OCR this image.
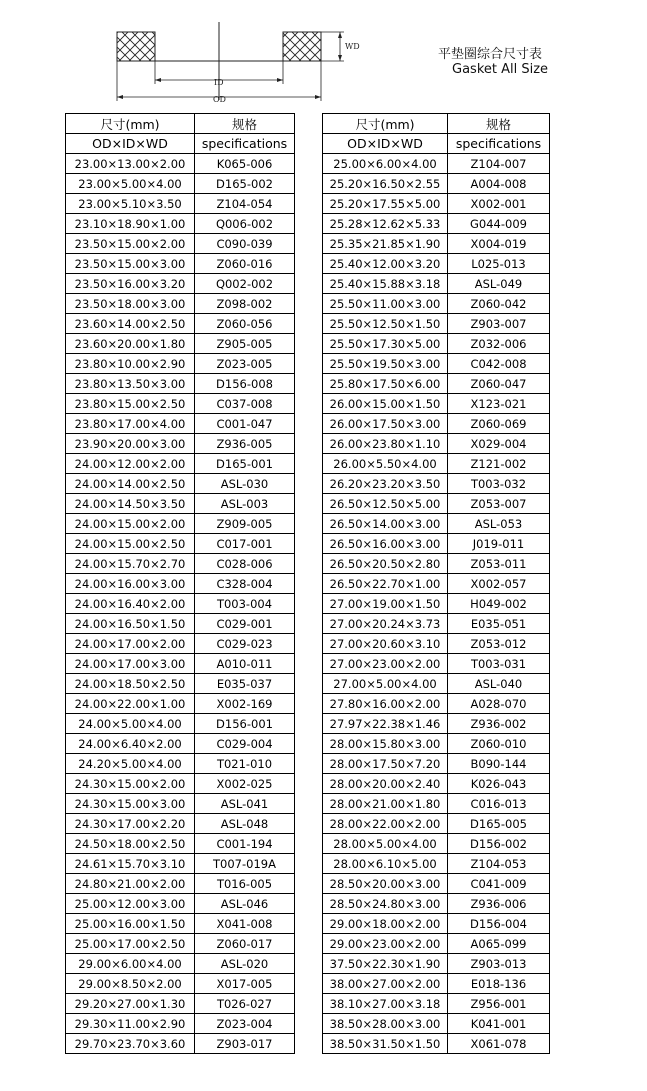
WD
ID
OD
平垫圈综合尺寸表
Gasket All Size
尺寸(mm)	规格
OD×ID×WD	specifications
23.00×13.00×2.00	K065-006
23.00×5.00×4.00	D165-002
23.00×5.10×3.50	Z104-054
23.10×18.90×1.00	Q006-002
23.50×15.00×2.00	C090-039
23.50×15.00×3.00	Z060-016
23.50×16.00×3.20	Q002-002
23.50×18.00×3.00	Z098-002
23.60×14.00×2.50	Z060-056
23.60×20.00×1.80	Z905-005
23.80×10.00×2.90	Z023-005
23.80×13.50×3.00	D156-008
23.80×15.00×2.50	C037-008
23.80×17.00×4.00	C001-047
23.90×20.00×3.00	Z936-005
24.00×12.00×2.00	D165-001
24.00×14.00×2.50	ASL-030
24.00×14.50×3.50	ASL-003
24.00×15.00×2.00	Z909-005
24.00×15.00×2.50	C017-001
24.00×15.70×2.70	C028-006
24.00×16.00×3.00	C328-004
24.00×16.40×2.00	T003-004
24.00×16.50×1.50	C029-001
24.00×17.00×2.00	C029-023
24.00×17.00×3.00	A010-011
24.00×18.50×2.50	E035-037
24.00×22.00×1.00	X002-169
24.00×5.00×4.00	D156-001
24.00×6.40×2.00	C029-004
24.20×5.00×4.00	T021-010
24.30×15.00×2.00	X002-025
24.30×15.00×3.00	ASL-041
24.30×17.00×2.20	ASL-048
24.50×18.00×2.50	C001-194
24.61×15.70×3.10	T007-019A
24.80×21.00×2.00	T016-005
25.00×12.00×3.00	ASL-046
25.00×16.00×1.50	X041-008
25.00×17.00×2.50	Z060-017
29.00×6.00×4.00	ASL-020
29.00×8.50×2.00	X017-005
29.20×27.00×1.30	T026-027
29.30×11.00×2.90	Z023-004
29.70×23.70×3.60	Z903-017
尺寸(mm)	规格
OD×ID×WD	specifications
25.00×6.00×4.00	Z104-007
25.20×16.50×2.55	A004-008
25.20×17.55×5.00	X002-001
25.28×12.62×5.33	G044-009
25.35×21.85×1.90	X004-019
25.40×12.00×3.20	L025-013
25.40×15.88×3.18	ASL-049
25.50×11.00×3.00	Z060-042
25.50×12.50×1.50	Z903-007
25.50×17.30×5.00	Z032-006
25.50×19.50×3.00	C042-008
25.80×17.50×6.00	Z060-047
26.00×15.00×1.50	X123-021
26.00×17.50×3.00	Z060-069
26.00×23.80×1.10	X029-004
26.00×5.50×4.00	Z121-002
26.20×23.20×3.50	T003-032
26.50×12.50×5.00	Z053-007
26.50×14.00×3.00	ASL-053
26.50×16.00×3.00	J019-011
26.50×20.50×2.80	Z053-011
26.50×22.70×1.00	X002-057
27.00×19.00×1.50	H049-002
27.00×20.24×3.73	E035-051
27.00×20.60×3.10	Z053-012
27.00×23.00×2.00	T003-031
27.00×5.00×4.00	ASL-040
27.80×16.00×2.00	A028-070
27.97×22.38×1.46	Z936-002
28.00×15.80×3.00	Z060-010
28.00×17.50×7.20	B090-144
28.00×20.00×2.40	K026-043
28.00×21.00×1.80	C016-013
28.00×22.00×2.00	D165-005
28.00×5.00×4.00	D156-002
28.00×6.10×5.00	Z104-053
28.50×20.00×3.00	C041-009
28.50×24.80×3.00	Z936-006
29.00×18.00×2.00	D156-004
29.00×23.00×2.00	A065-099
37.50×22.30×1.90	Z903-013
38.00×27.00×2.00	E018-136
38.10×27.00×3.18	Z956-001
38.50×28.00×3.00	K041-001
38.50×31.50×1.50	X061-078
